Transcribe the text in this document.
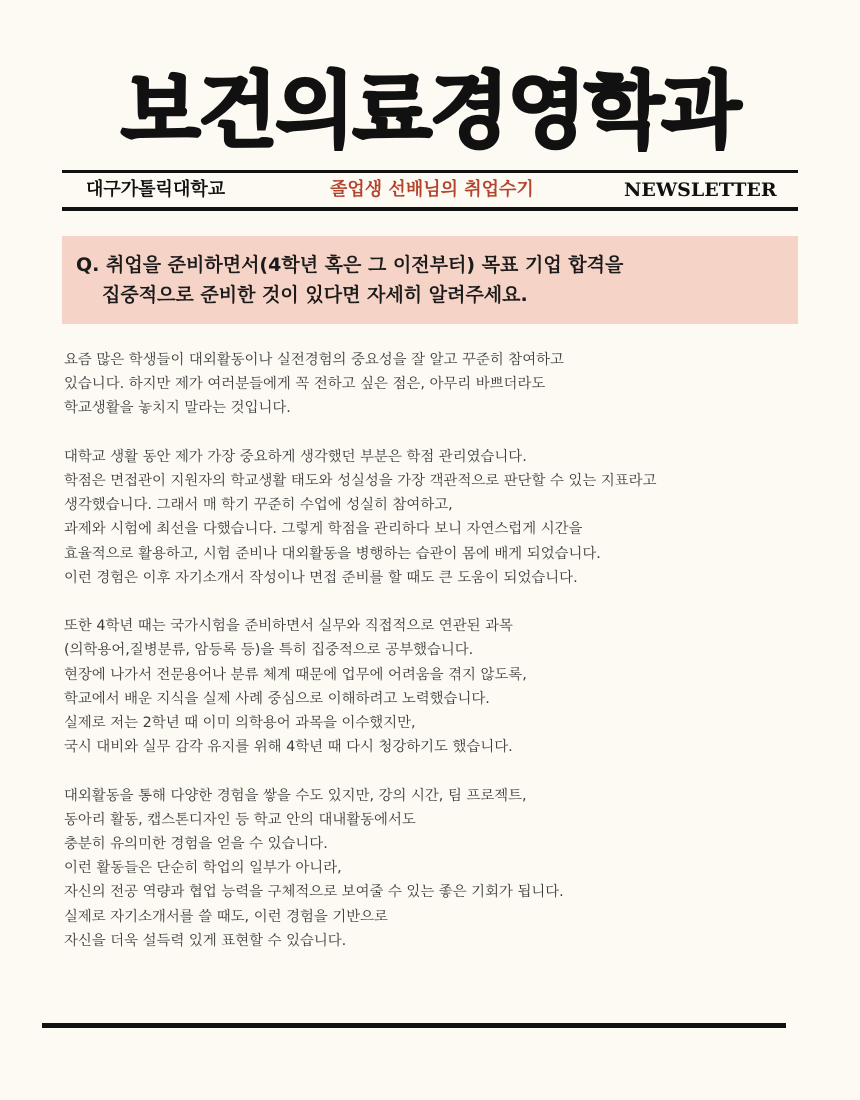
보건의료경영학과
대구가톨릭대학교	졸업생 선배님의 취업수기	NEWSLETTER
Q. 취업을 준비하면서(4학년 혹은 그 이전부터) 목표 기업 합격을
집중적으로 준비한 것이 있다면 자세히 알려주세요.
요즘 많은 학생들이 대외활동이나 실전경험의 중요성을 잘 알고 꾸준히 참여하고
있습니다. 하지만 제가 여러분들에게 꼭 전하고 싶은 점은, 아무리 바쁘더라도
학교생활을 놓치지 말라는 것입니다.
대학교 생활 동안 제가 가장 중요하게 생각했던 부분은 학점 관리였습니다.
학점은 면접관이 지원자의 학교생활 태도와 성실성을 가장 객관적으로 판단할 수 있는 지표라고
생각했습니다. 그래서 매 학기 꾸준히 수업에 성실히 참여하고,
과제와 시험에 최선을 다했습니다. 그렇게 학점을 관리하다 보니 자연스럽게 시간을
효율적으로 활용하고, 시험 준비나 대외활동을 병행하는 습관이 몸에 배게 되었습니다.
이런 경험은 이후 자기소개서 작성이나 면접 준비를 할 때도 큰 도움이 되었습니다.
또한 4학년 때는 국가시험을 준비하면서 실무와 직접적으로 연관된 과목
(의학용어,질병분류, 암등록 등)을 특히 집중적으로 공부했습니다.
현장에 나가서 전문용어나 분류 체계 때문에 업무에 어려움을 겪지 않도록,
학교에서 배운 지식을 실제 사례 중심으로 이해하려고 노력했습니다.
실제로 저는 2학년 때 이미 의학용어 과목을 이수했지만,
국시 대비와 실무 감각 유지를 위해 4학년 때 다시 청강하기도 했습니다.
대외활동을 통해 다양한 경험을 쌓을 수도 있지만, 강의 시간, 팀 프로젝트,
동아리 활동, 캡스톤디자인 등 학교 안의 대내활동에서도
충분히 유의미한 경험을 얻을 수 있습니다.
이런 활동들은 단순히 학업의 일부가 아니라,
자신의 전공 역량과 협업 능력을 구체적으로 보여줄 수 있는 좋은 기회가 됩니다.
실제로 자기소개서를 쓸 때도, 이런 경험을 기반으로
자신을 더욱 설득력 있게 표현할 수 있습니다.
